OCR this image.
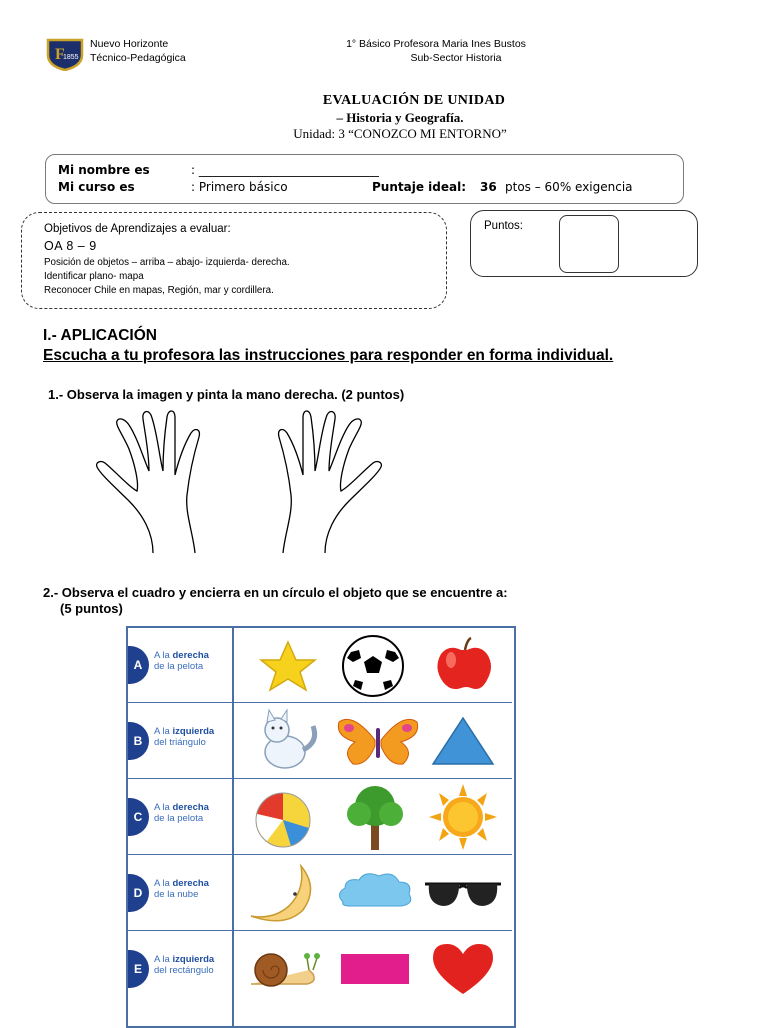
F
1855
Nuevo Horizonte
Técnico-Pedagógica
1° Básico Profesora Maria Ines Bustos
Sub-Sector Historia
EVALUACIÓN DE UNIDAD
– Historia y Geografía.
Unidad: 3 “CONOZCO MI ENTORNO”
Mi nombre es	: ______________________________
Mi curso es	: Primero básico	Puntaje ideal: 36 ptos – 60% exigencia
Objetivos de Aprendizajes a evaluar:
OA 8 – 9
Posición de objetos – arriba – abajo- izquierda- derecha.
Identificar plano- mapa
Reconocer Chile en mapas, Región, mar y cordillera.
Puntos:
I.- APLICACIÓN
Escucha a tu profesora las instrucciones para responder en forma individual.
1.- Observa la imagen y pinta la mano derecha. (2 puntos)
2.- Observa el cuadro y encierra en un círculo el objeto que se encuentre a:
(5 puntos)
A
A la derecha
de la pelota
B
A la izquierda
del triángulo
C
A la derecha
de la pelota
D
A la derecha
de la nube
E
A la izquierda
del rectángulo
